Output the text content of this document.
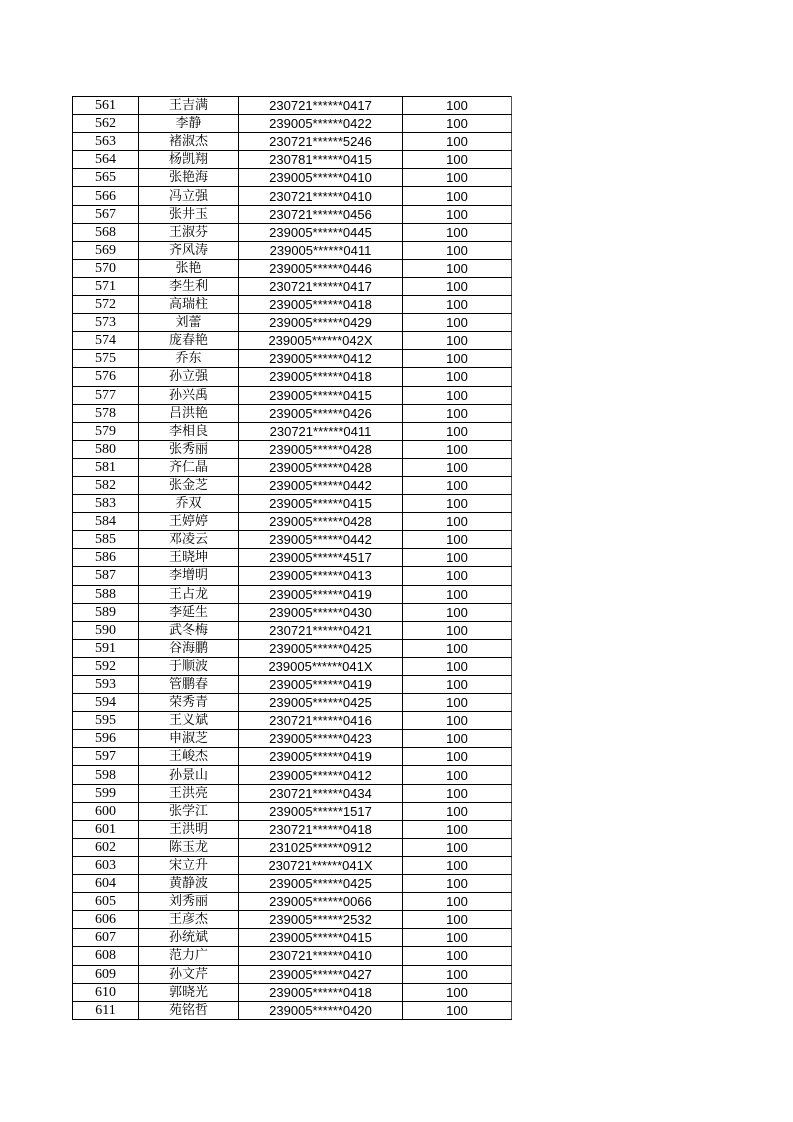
561	王吉满	230721******0417	100
562	李静	239005******0422	100
563	褚淑杰	230721******5246	100
564	杨凯翔	230781******0415	100
565	张艳海	239005******0410	100
566	冯立强	230721******0410	100
567	张井玉	230721******0456	100
568	王淑芬	239005******0445	100
569	齐风涛	239005******0411	100
570	张艳	239005******0446	100
571	李生利	230721******0417	100
572	高瑞柱	239005******0418	100
573	刘蕾	239005******0429	100
574	庞春艳	239005******042X	100
575	乔东	239005******0412	100
576	孙立强	239005******0418	100
577	孙兴禹	239005******0415	100
578	吕洪艳	239005******0426	100
579	李相良	230721******0411	100
580	张秀丽	239005******0428	100
581	齐仁晶	239005******0428	100
582	张金芝	239005******0442	100
583	乔双	239005******0415	100
584	王婷婷	239005******0428	100
585	邓凌云	239005******0442	100
586	王晓坤	239005******4517	100
587	李增明	239005******0413	100
588	王占龙	239005******0419	100
589	李延生	239005******0430	100
590	武冬梅	230721******0421	100
591	谷海鹏	239005******0425	100
592	于顺波	239005******041X	100
593	管鹏春	239005******0419	100
594	荣秀青	239005******0425	100
595	王义斌	230721******0416	100
596	申淑芝	239005******0423	100
597	王峻杰	239005******0419	100
598	孙景山	239005******0412	100
599	王洪亮	230721******0434	100
600	张学江	239005******1517	100
601	王洪明	230721******0418	100
602	陈玉龙	231025******0912	100
603	宋立升	230721******041X	100
604	黄静波	239005******0425	100
605	刘秀丽	239005******0066	100
606	王彦杰	239005******2532	100
607	孙统斌	239005******0415	100
608	范力广	230721******0410	100
609	孙文芹	239005******0427	100
610	郭晓光	239005******0418	100
611	苑铭哲	239005******0420	100
